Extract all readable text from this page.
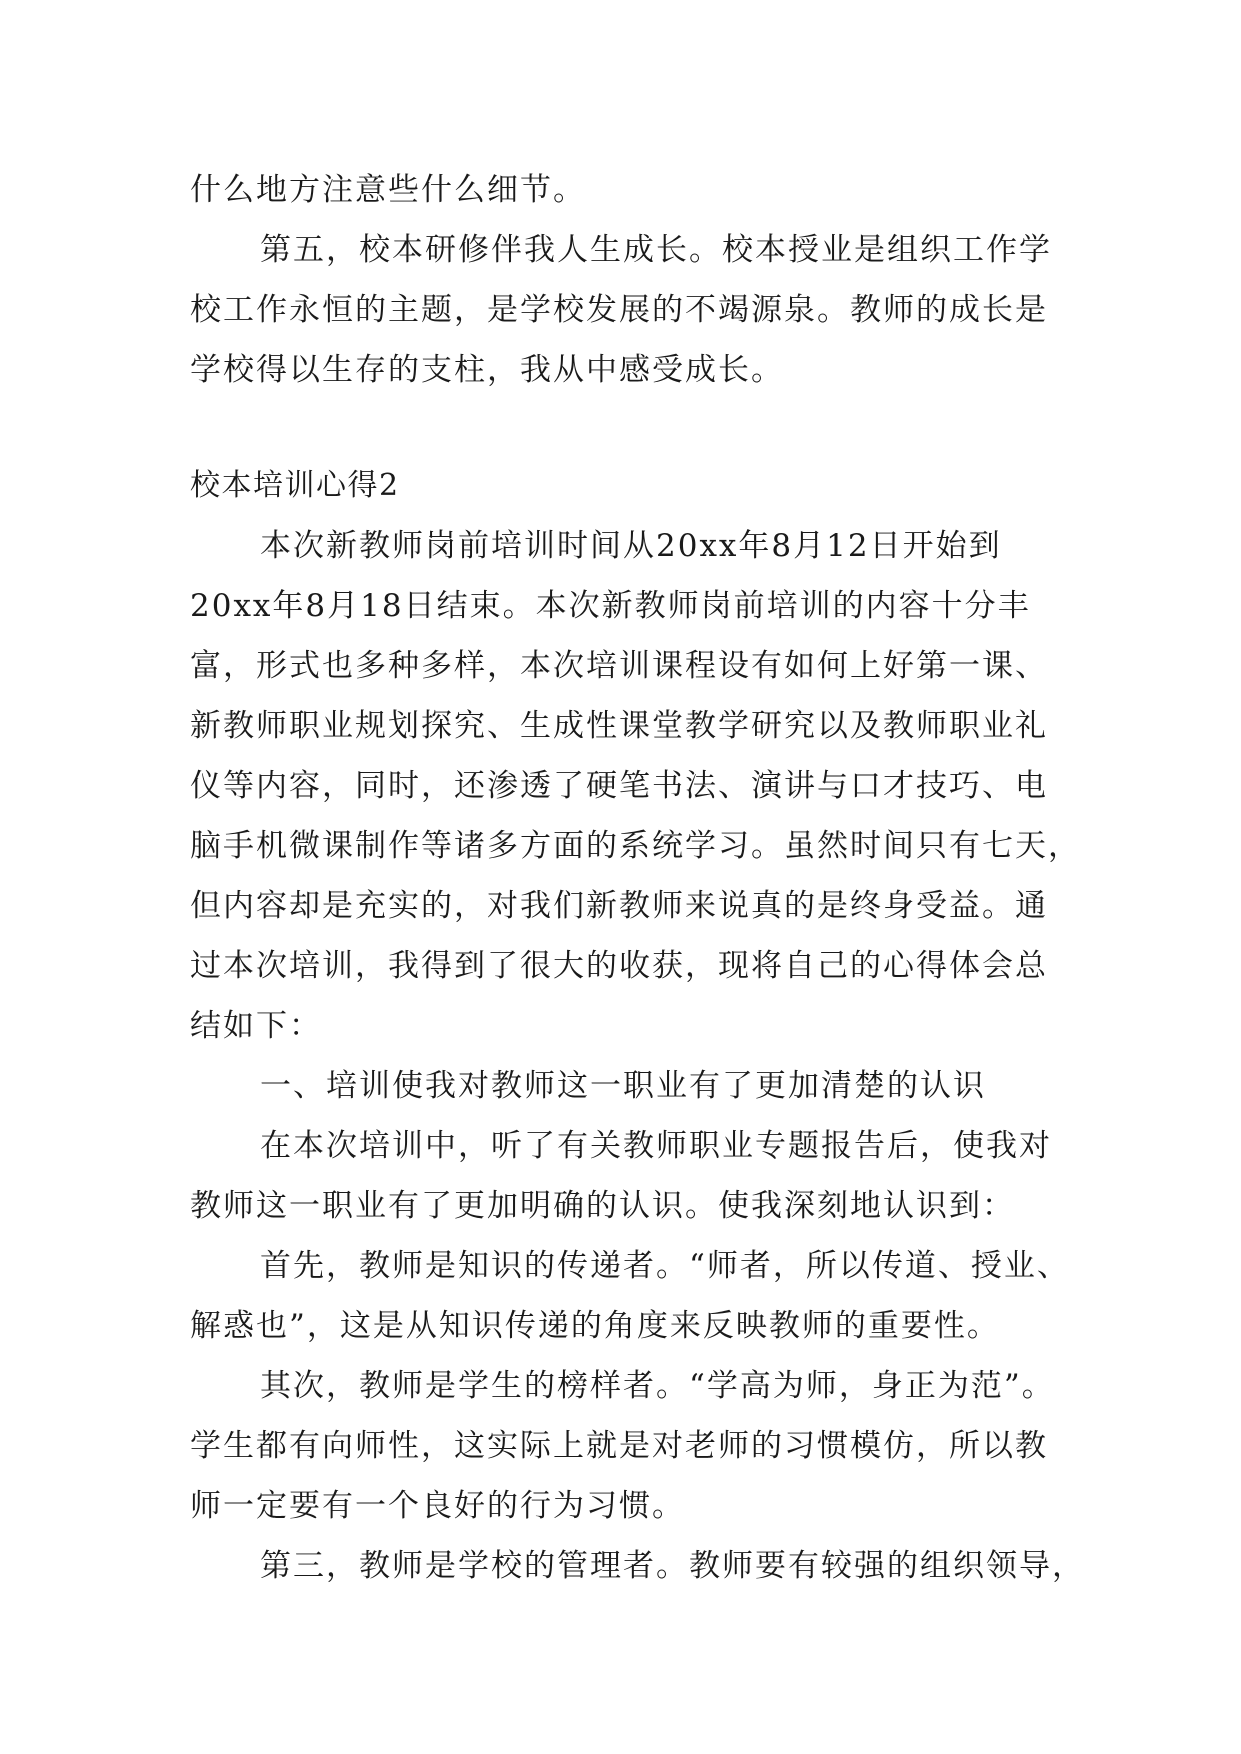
什么地方注意些什么细节。

第五，校本研修伴我人生成长。校本授业是组织工作学

校工作永恒的主题，是学校发展的不竭源泉。教师的成长是

学校得以生存的支柱，我从中感受成长。

校本培训心得2

本次新教师岗前培训时间从20xx年8月12日开始到

20xx年8月18日结束。本次新教师岗前培训的内容十分丰

富，形式也多种多样，本次培训课程设有如何上好第一课、

新教师职业规划探究、生成性课堂教学研究以及教师职业礼

仪等内容，同时，还渗透了硬笔书法、演讲与口才技巧、电

脑手机微课制作等诸多方面的系统学习。虽然时间只有七天，

但内容却是充实的，对我们新教师来说真的是终身受益。通

过本次培训，我得到了很大的收获，现将自己的心得体会总

结如下：

一、培训使我对教师这一职业有了更加清楚的认识

在本次培训中，听了有关教师职业专题报告后，使我对

教师这一职业有了更加明确的认识。使我深刻地认识到：

首先，教师是知识的传递者。“师者，所以传道、授业、

解惑也”，这是从知识传递的角度来反映教师的重要性。

其次，教师是学生的榜样者。“学高为师，身正为范”。

学生都有向师性，这实际上就是对老师的习惯模仿，所以教

师一定要有一个良好的行为习惯。

第三，教师是学校的管理者。教师要有较强的组织领导，
